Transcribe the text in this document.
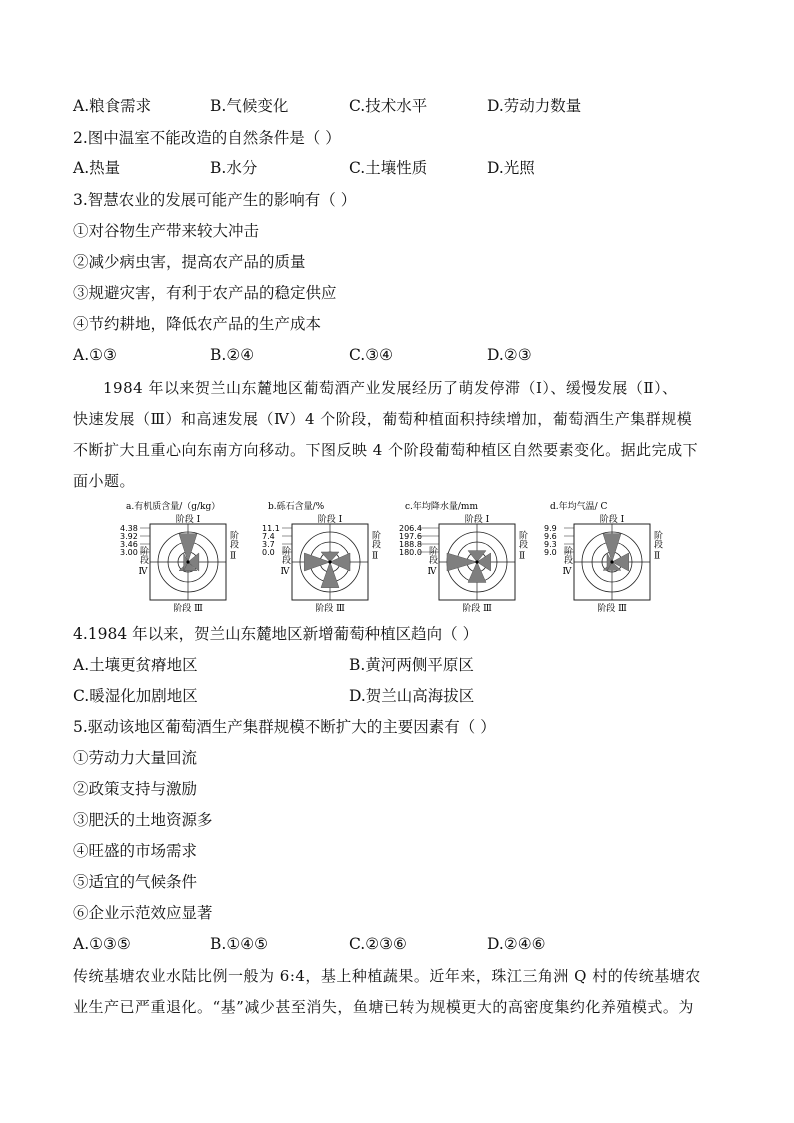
A.粮食需求	B.气候变化	C.技术水平	D.劳动力数量
2.图中温室不能改造的自然条件是（ ）
A.热量	B.水分	C.土壤性质	D.光照
3.智慧农业的发展可能产生的影响有（ ）
①对谷物生产带来较大冲击
②减少病虫害，提高农产品的质量
③规避灾害，有利于农产品的稳定供应
④节约耕地，降低农产品的生产成本
A.①③	B.②④	C.③④	D.②③

1984 年以来贺兰山东麓地区葡萄酒产业发展经历了萌发停滞（Ⅰ）、缓慢发展（Ⅱ）、

快速发展（Ⅲ）和高速发展（Ⅳ）4 个阶段，葡萄种植面积持续增加，葡萄酒生产集群规模

不断扩大且重心向东南方向移动。下图反映 4 个阶段葡萄种植区自然要素变化。据此完成下

面小题。

a.有机质含量/（g/kg）
4.38
3.92
3.46
3.00
阶段 Ⅰ
阶段 Ⅲ
阶段 Ⅱ
阶段 Ⅳ
b.砾石含量/%
11.1
7.4
3.7
0.0
阶段 Ⅰ
阶段 Ⅲ
阶段 Ⅱ
阶段 Ⅳ
c.年均降水量/mm
206.4
197.6
188.8
180.0
阶段 Ⅰ
阶段 Ⅲ
阶段 Ⅱ
阶段 Ⅳ
d.年均气温/ C
9.9
9.6
9.3
9.0
阶段 Ⅰ
阶段 Ⅲ
阶段 Ⅱ
阶段 Ⅳ
4.1984 年以来，贺兰山东麓地区新增葡萄种植区趋向（ ）
A.土壤更贫瘠地区	B.黄河两侧平原区
C.暖湿化加剧地区	D.贺兰山高海拔区
5.驱动该地区葡萄酒生产集群规模不断扩大的主要因素有（ ）
①劳动力大量回流
②政策支持与激励
③肥沃的土地资源多
④旺盛的市场需求
⑤适宜的气候条件
⑥企业示范效应显著
A.①③⑤	B.①④⑤	C.②③⑥	D.②④⑥

传统基塘农业水陆比例一般为 6:4，基上种植蔬果。近年来，珠江三角洲 Q 村的传统基塘农

业生产已严重退化。“基”减少甚至消失，鱼塘已转为规模更大的高密度集约化养殖模式。为
